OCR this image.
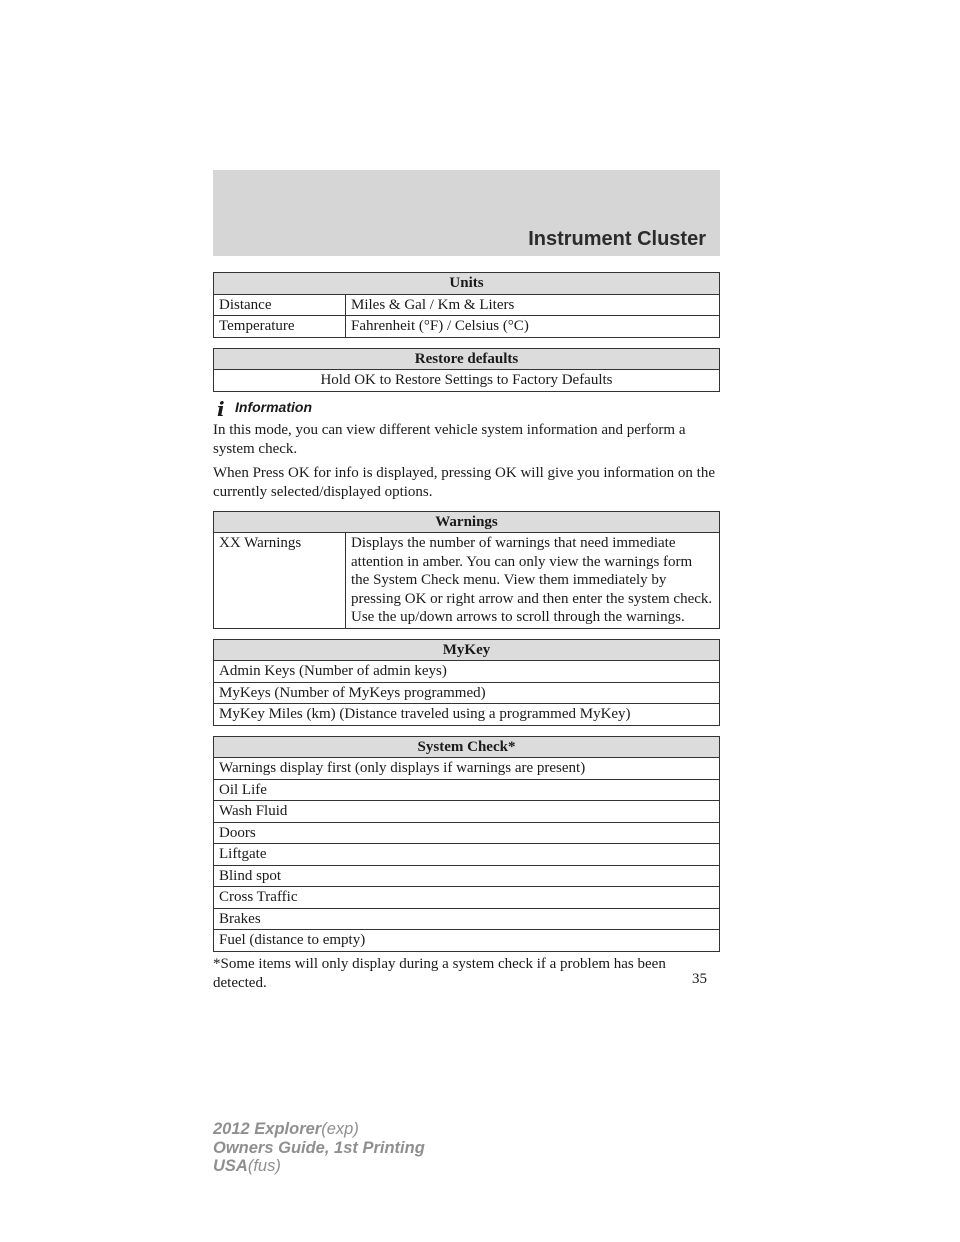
Instrument Cluster
Units	
Distance	Miles & Gal / Km & Liters
Temperature	Fahrenheit (°F) / Celsius (°C)
Restore defaults
Hold OK to Restore Settings to Factory Defaults
i Information

In this mode, you can view different vehicle system information and perform a system check.

When Press OK for info is displayed, pressing OK will give you information on the currently selected/displayed options.

Warnings
XX Warnings	Displays the number of warnings that need immediate attention in amber. You can only view the warnings form the System Check menu. View them immediately by pressing OK or right arrow and then enter the system check. Use the up/down arrows to scroll through the warnings.
MyKey
Admin Keys (Number of admin keys)
MyKeys (Number of MyKeys programmed)
MyKey Miles (km) (Distance traveled using a programmed MyKey)
System Check*
Warnings display first (only displays if warnings are present)
Oil Life
Wash Fluid
Doors
Liftgate
Blind spot
Cross Traffic
Brakes
Fuel (distance to empty)

*Some items will only display during a system check if a problem has been detected.	35
2012 Explorer(exp)
Owners Guide, 1st Printing
USA(fus)
